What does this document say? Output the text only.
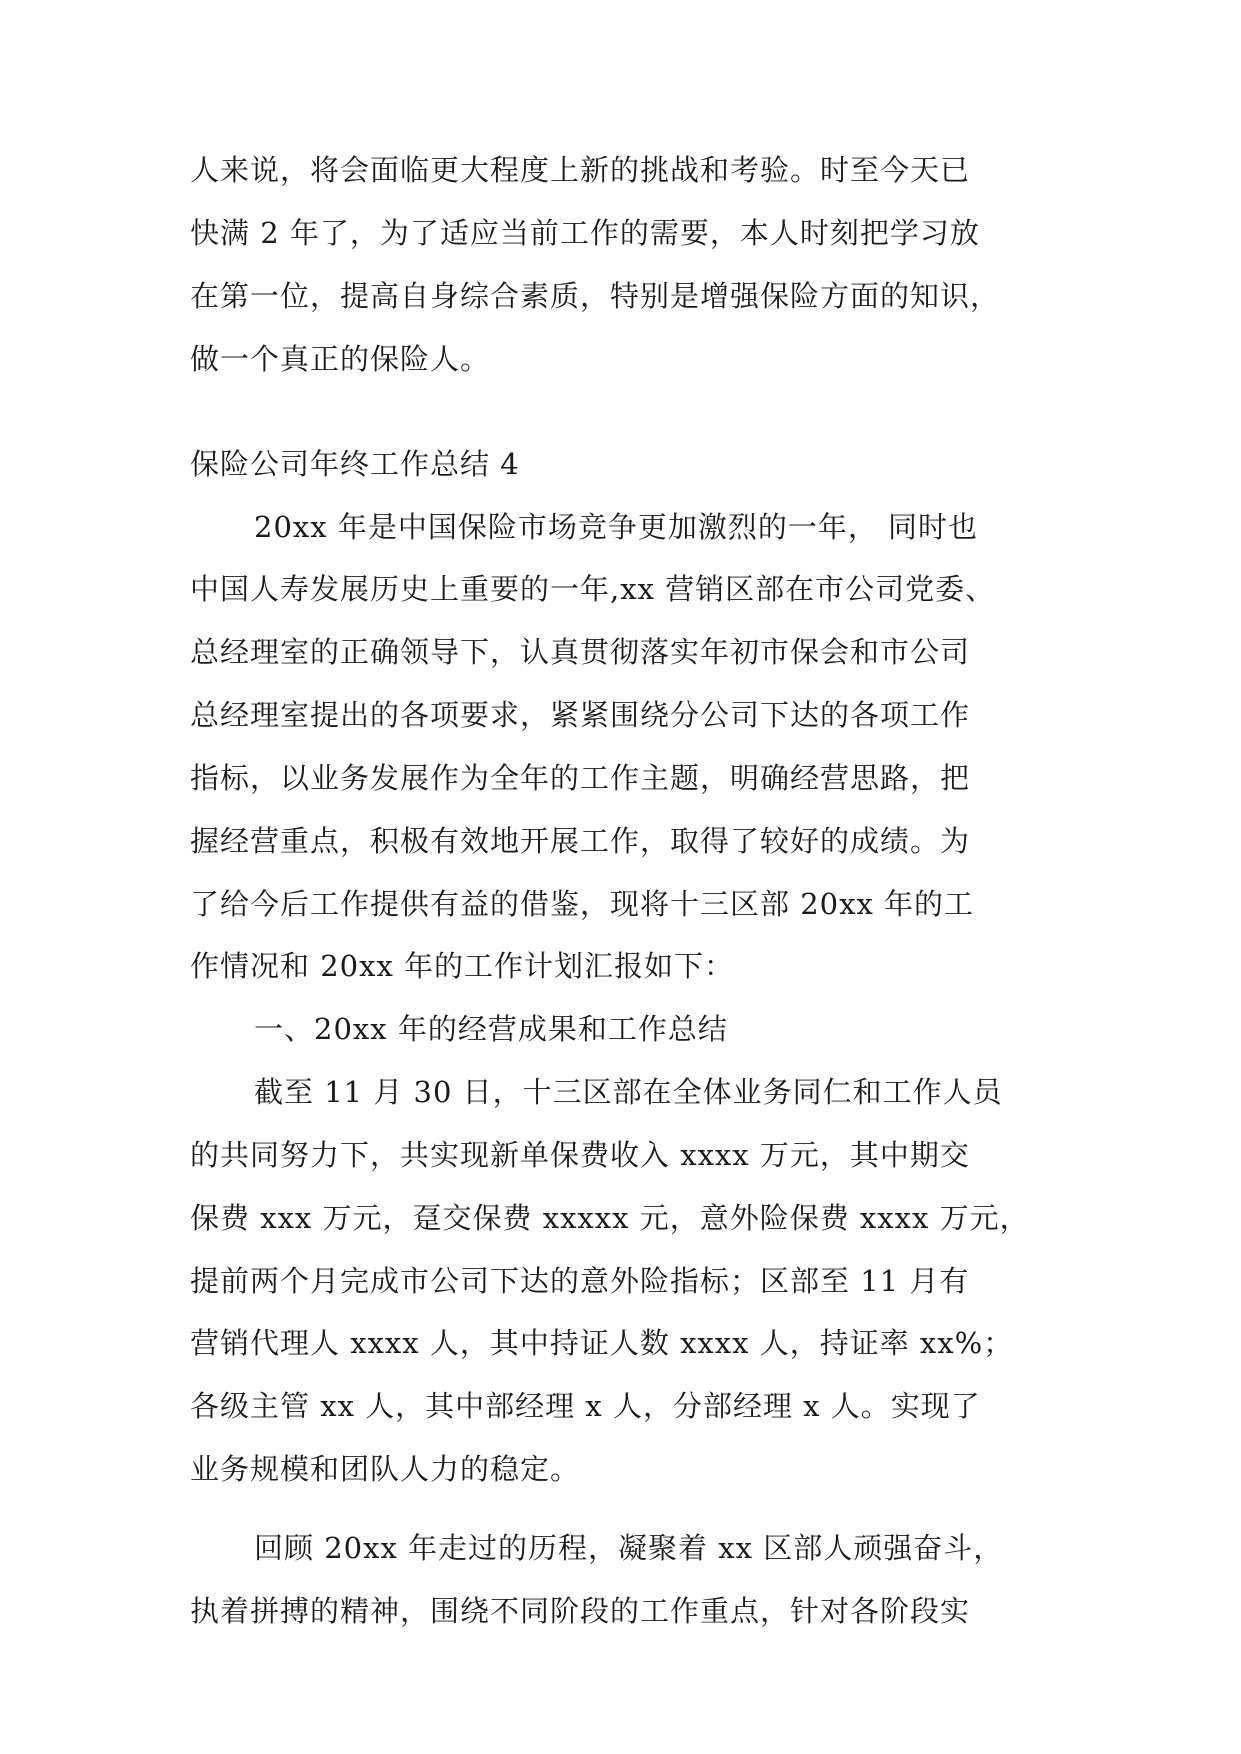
人来说，将会面临更大程度上新的挑战和考验。时至今天已
快满 2 年了，为了适应当前工作的需要，本人时刻把学习放
在第一位，提高自身综合素质，特别是增强保险方面的知识，
做一个真正的保险人。
保险公司年终工作总结 4
20xx 年是中国保险市场竞争更加激烈的一年， 同时也
中国人寿发展历史上重要的一年,xx 营销区部在市公司党委、
总经理室的正确领导下，认真贯彻落实年初市保会和市公司
总经理室提出的各项要求，紧紧围绕分公司下达的各项工作
指标，以业务发展作为全年的工作主题，明确经营思路，把
握经营重点，积极有效地开展工作，取得了较好的成绩。为
了给今后工作提供有益的借鉴，现将十三区部 20xx 年的工
作情况和 20xx 年的工作计划汇报如下：
一、20xx 年的经营成果和工作总结
截至 11 月 30 日，十三区部在全体业务同仁和工作人员
的共同努力下，共实现新单保费收入 xxxx 万元，其中期交
保费 xxx 万元，趸交保费 xxxxx 元，意外险保费 xxxx 万元，
提前两个月完成市公司下达的意外险指标；区部至 11 月有
营销代理人 xxxx 人，其中持证人数 xxxx 人，持证率 xx%；
各级主管 xx 人，其中部经理 x 人，分部经理 x 人。实现了
业务规模和团队人力的稳定。
回顾 20xx 年走过的历程，凝聚着 xx 区部人顽强奋斗，
执着拼搏的精神，围绕不同阶段的工作重点，针对各阶段实
